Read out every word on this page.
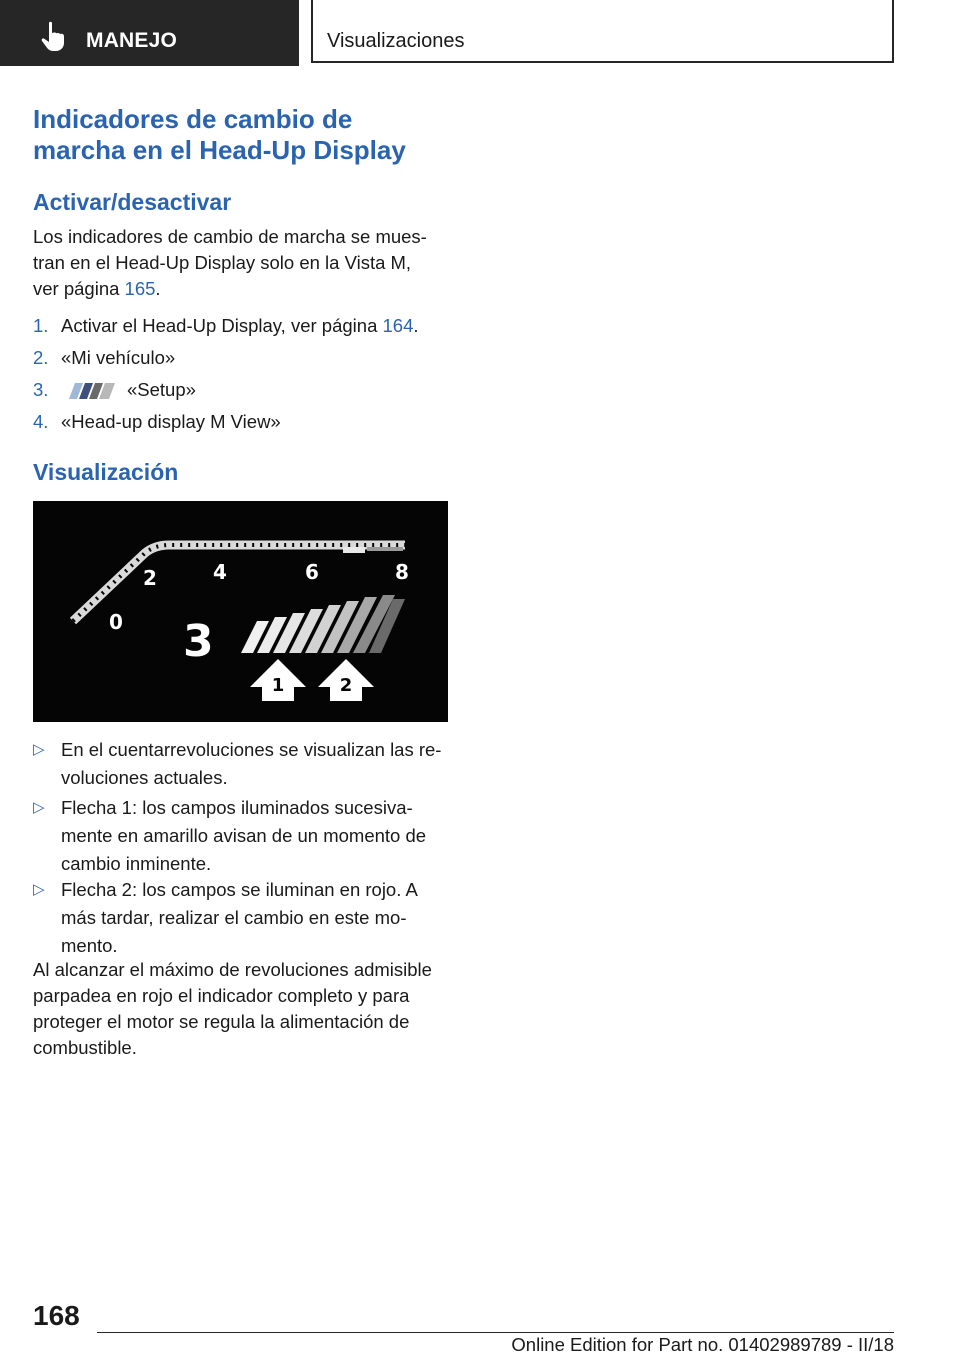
MANEJO	Visualizaciones
Indicadores de cambio de
marcha en el Head-Up Display
Activar/desactivar

Los indicadores de cambio de marcha se mues-
tran en el Head-Up Display solo en la Vista M,
ver página 165.

1. Activar el Head-Up Display, ver página 164.
2. «Mi vehículo»
3.	«Setup»
4. «Head-up display M View»
Visualización
0
2	4	6	8
3
1	2
▷ En el cuentarrevoluciones se visualizan las re-
voluciones actuales.
▷ Flecha 1: los campos iluminados sucesiva-
mente en amarillo avisan de un momento de
cambio inminente.
▷ Flecha 2: los campos se iluminan en rojo. A
más tardar, realizar el cambio en este mo-
mento.

Al alcanzar el máximo de revoluciones admisible
parpadea en rojo el indicador completo y para
proteger el motor se regula la alimentación de
combustible.

168
Online Edition for Part no. 01402989789 - II/18
